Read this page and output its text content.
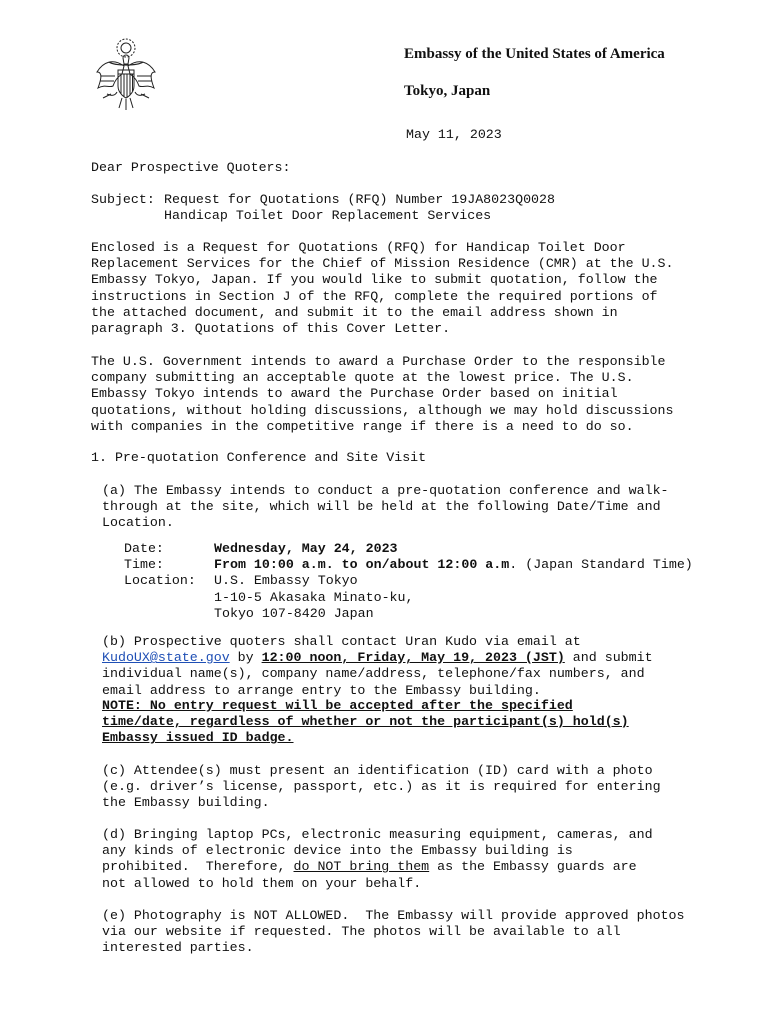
Embassy of the United States of America
Tokyo, Japan
May 11, 2023
Dear Prospective Quoters:
Subject:	Request for Quotations (RFQ) Number 19JA8023Q0028
Handicap Toilet Door Replacement Services
Enclosed is a Request for Quotations (RFQ) for Handicap Toilet Door
Replacement Services for the Chief of Mission Residence (CMR) at the U.S.
Embassy Tokyo, Japan. If you would like to submit quotation, follow the
instructions in Section J of the RFQ, complete the required portions of
the attached document, and submit it to the email address shown in
paragraph 3. Quotations of this Cover Letter.
The U.S. Government intends to award a Purchase Order to the responsible
company submitting an acceptable quote at the lowest price. The U.S.
Embassy Tokyo intends to award the Purchase Order based on initial
quotations, without holding discussions, although we may hold discussions
with companies in the competitive range if there is a need to do so.
1. Pre-quotation Conference and Site Visit
(a) The Embassy intends to conduct a pre-quotation conference and walk-
through at the site, which will be held at the following Date/Time and
Location.
Date:	Wednesday, May 24, 2023
Time:	From 10:00 a.m. to on/about 12:00 a.m. (Japan Standard Time)
Location:	U.S. Embassy Tokyo
1-10-5 Akasaka Minato-ku,
Tokyo 107-8420 Japan
(b) Prospective quoters shall contact Uran Kudo via email at
KudoUX@state.gov by 12:00 noon, Friday, May 19, 2023 (JST) and submit
individual name(s), company name/address, telephone/fax numbers, and
email address to arrange entry to the Embassy building.
NOTE: No entry request will be accepted after the specified
time/date, regardless of whether or not the participant(s) hold(s)
Embassy issued ID badge.
(c) Attendee(s) must present an identification (ID) card with a photo
(e.g. driver’s license, passport, etc.) as it is required for entering
the Embassy building.
(d) Bringing laptop PCs, electronic measuring equipment, cameras, and
any kinds of electronic device into the Embassy building is
prohibited.  Therefore, do NOT bring them as the Embassy guards are
not allowed to hold them on your behalf.
(e) Photography is NOT ALLOWED.  The Embassy will provide approved photos
via our website if requested. The photos will be available to all
interested parties.
